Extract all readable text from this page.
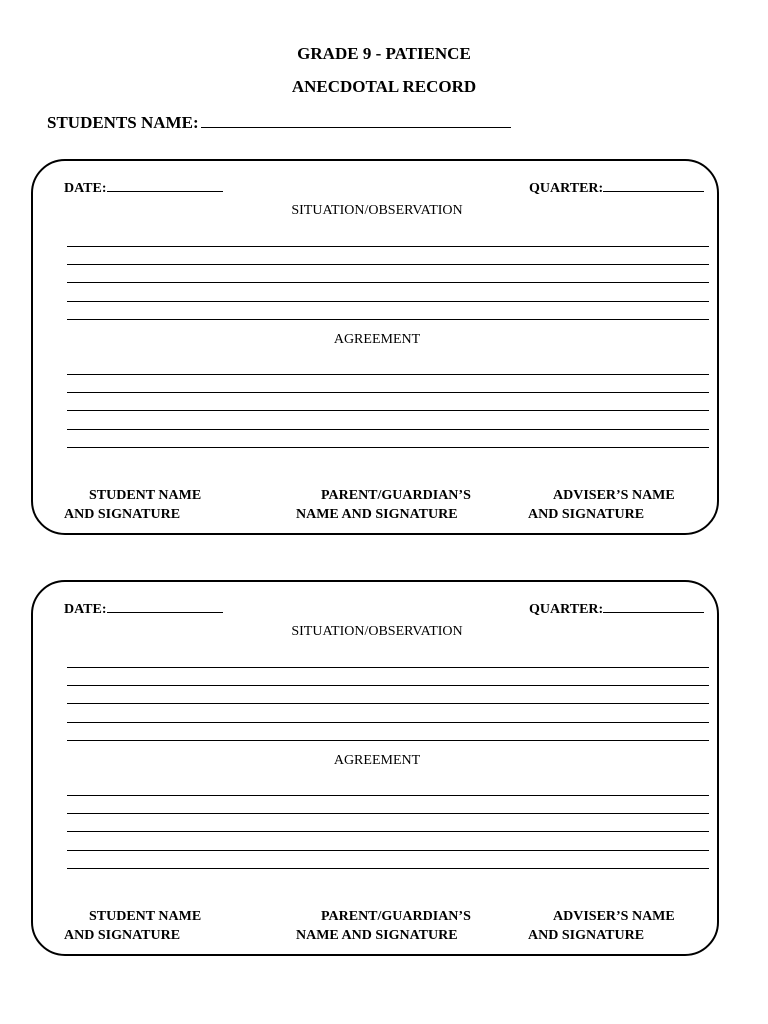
GRADE 9 - PATIENCE
ANECDOTAL RECORD
STUDENTS NAME:
DATE:	QUARTER:
SITUATION/OBSERVATION
AGREEMENT
STUDENT NAME
AND SIGNATURE
PARENT/GUARDIAN’S
NAME AND SIGNATURE
ADVISER’S NAME
AND SIGNATURE
DATE:	QUARTER:
SITUATION/OBSERVATION
AGREEMENT
STUDENT NAME
AND SIGNATURE
PARENT/GUARDIAN’S
NAME AND SIGNATURE
ADVISER’S NAME
AND SIGNATURE
